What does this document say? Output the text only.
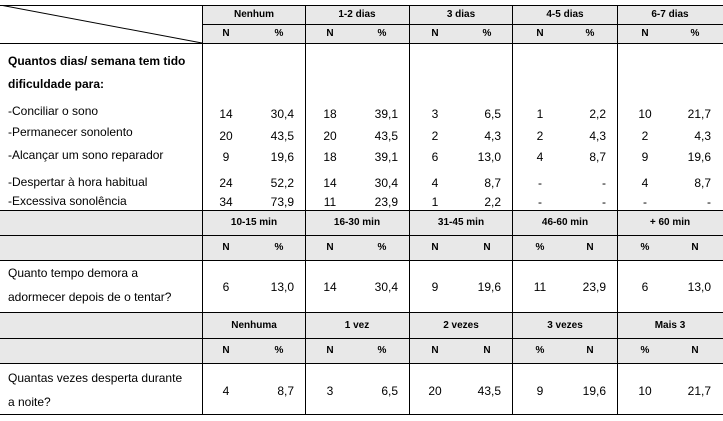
Nenhum	1-2 dias	3 dias	4-5 dias	6-7 dias
N	%	N	%	N	%	N	%	N	%
Quantos dias/ semana tem tido
dificuldade para:
-Conciliar o sono	14	30,4 18	39,1	3	6,5	1	2,2	10	21,7
-Permanecer sonolento	20	43,5 20	43,5	2	4,3	2	4,3	2	4,3
-Alcançar um sono reparador	9	19,6 18	39,1	6	13,0	4	8,7	9	19,6
-Despertar à hora habitual	24	52,2 14	30,4	4	8,7	-	-	4	8,7
-Excessiva sonolência	34	73,9 11	23,9	1	2,2	-	-	-	-
10-15 min	16-30 min	31-45 min	46-60 min	+ 60 min
N	%	N	%	N	N	%	N	%	N
Quanto tempo demora a
adormecer depois de o tentar?
6	13,0 14	30,4	9	19,6	11	23,9	6	13,0
Nenhuma	1 vez	2 vezes	3 vezes	Mais 3
N	%	N	%	N	N	%	N	%	N
Quantas vezes desperta durante
a noite?
4	8,7	3	6,5	20	43,5	9	19,6	10	21,7
